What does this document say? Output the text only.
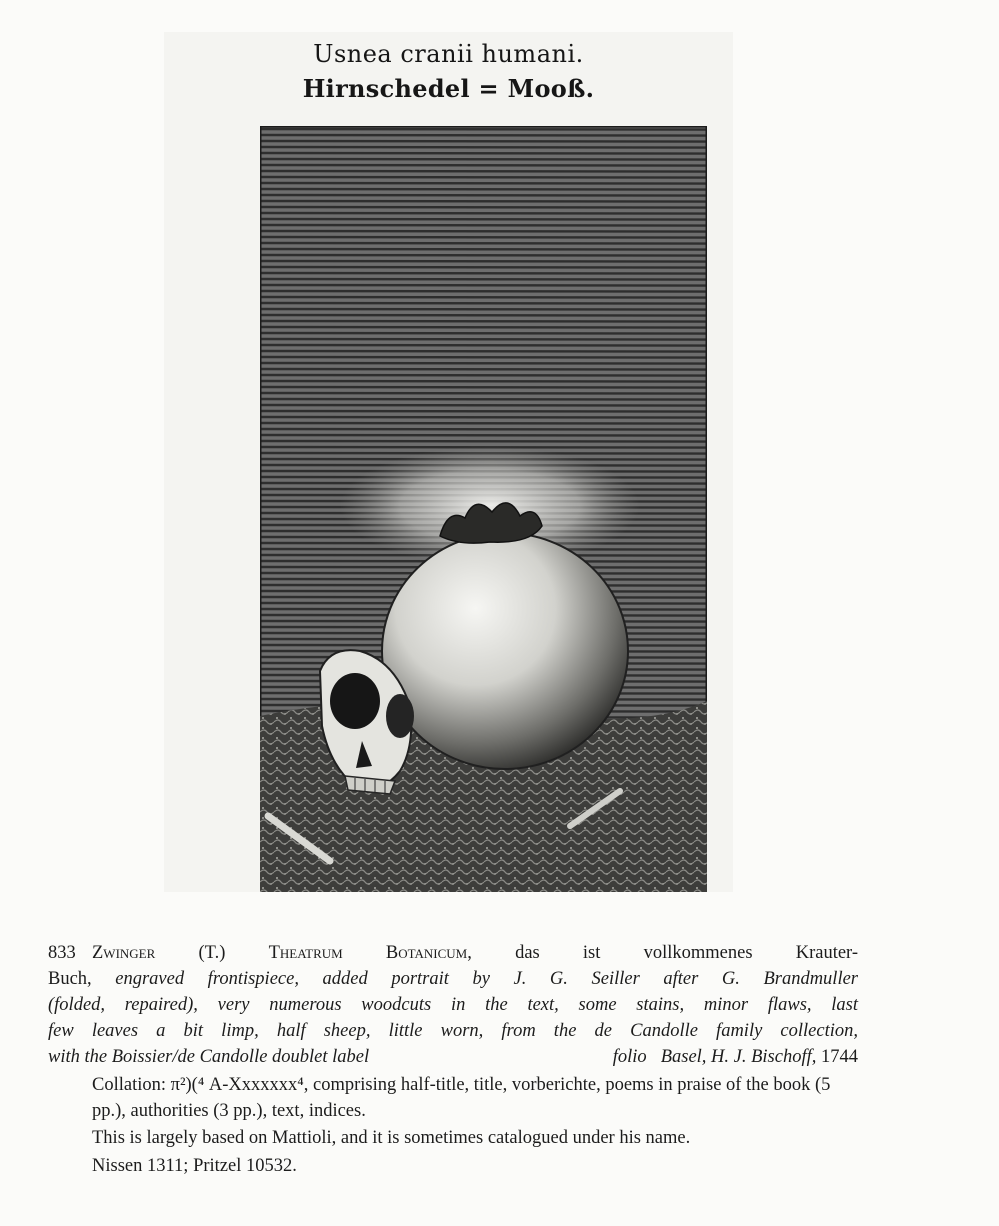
Usnea cranii humani.
Hirnschedel = Mooß.
833 Zwinger (T.) Theatrum Botanicum, das ist vollkommenes Krauter-
Buch, engraved frontispiece, added portrait by J. G. Seiller after G. Brandmuller
(folded, repaired), very numerous woodcuts in the text, some stains, minor flaws, last
few leaves a bit limp, half sheep, little worn, from the de Candolle family collection,
with the Boissier/de Candolle doublet label	folio Basel, H. J. Bischoff, 1744
Collation: π²)(⁴ A-Xxxxxxx⁴, comprising half-title, title, vorberichte, poems in praise of the book (5 pp.), authorities (3 pp.), text, indices.
This is largely based on Mattioli, and it is sometimes catalogued under his name.
Nissen 1311; Pritzel 10532.
